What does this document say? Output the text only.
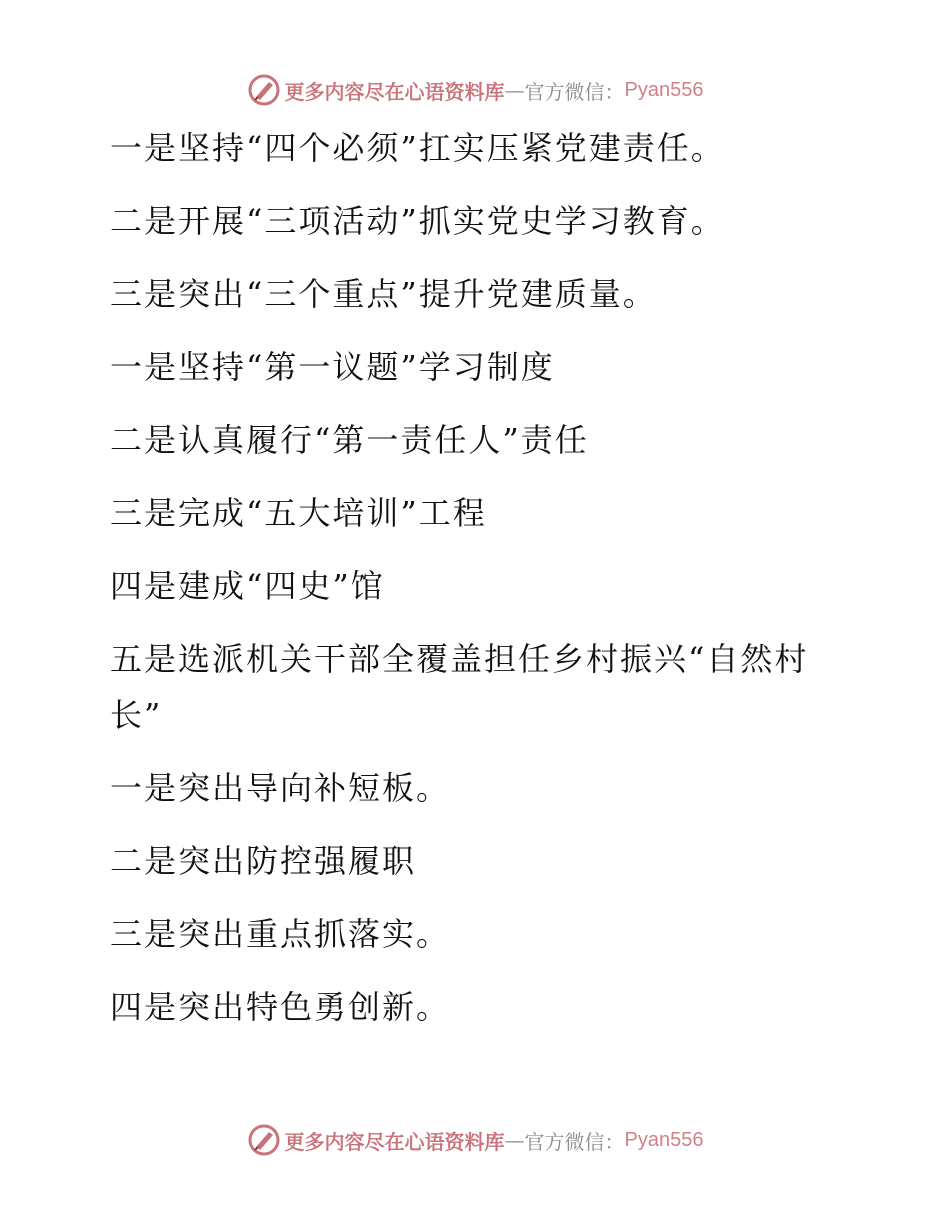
更多内容尽在心语资料库 — 官方微信： Pyan556
一是坚持“四个必须”扛实压紧党建责任。
二是开展“三项活动”抓实党史学习教育。
三是突出“三个重点”提升党建质量。
一是坚持“第一议题”学习制度
二是认真履行“第一责任人”责任
三是完成“五大培训”工程
四是建成“四史”馆
五是选派机关干部全覆盖担任乡村振兴“自然村长”
一是突出导向补短板。
二是突出防控强履职
三是突出重点抓落实。
四是突出特色勇创新。
更多内容尽在心语资料库 — 官方微信： Pyan556
